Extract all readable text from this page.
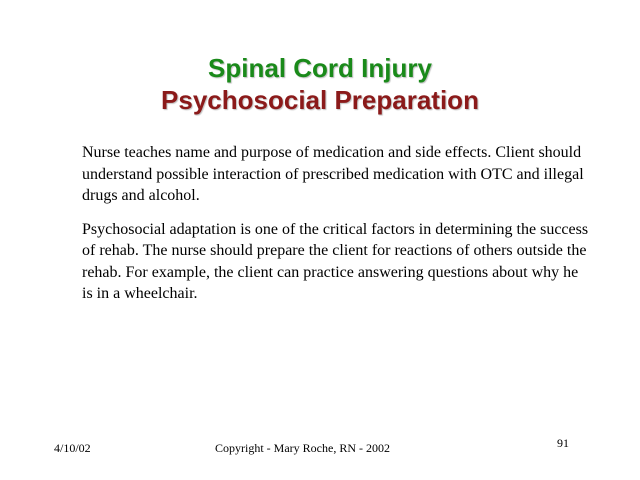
Spinal Cord Injury
Psychosocial Preparation

Nurse teaches name and purpose of medication and side effects. Client should understand possible interaction of prescribed medication with OTC and illegal drugs and alcohol.

Psychosocial adaptation is one of the critical factors in determining the success of rehab. The nurse should prepare the client for reactions of others outside the rehab. For example, the client can practice answering questions about why he is in a wheelchair.

4/10/02	Copyright - Mary Roche, RN - 2002	91
